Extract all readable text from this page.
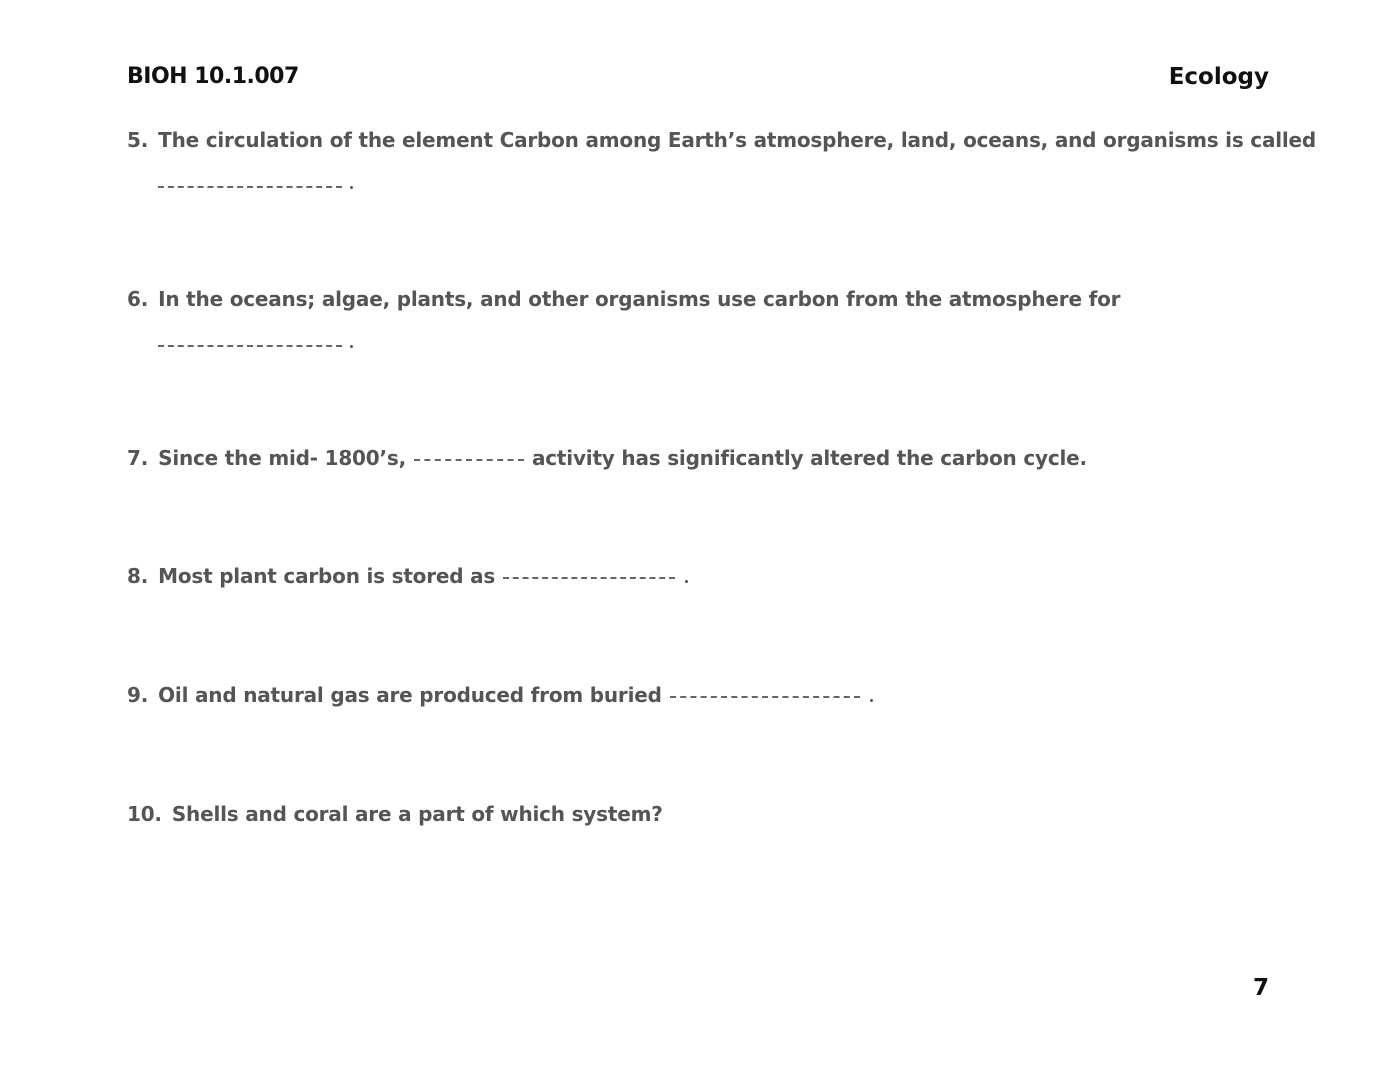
BIOH 10.1.007	Ecology
5. The circulation of the element Carbon among Earth’s atmosphere, land, oceans, and organisms is called
6. In the oceans; algae, plants, and other organisms use carbon from the atmosphere for
7. Since the mid- 1800’s,	activity has significantly altered the carbon cycle.
8. Most plant carbon is stored as
9. Oil and natural gas are produced from buried
10. Shells and coral are a part of which system?
7
